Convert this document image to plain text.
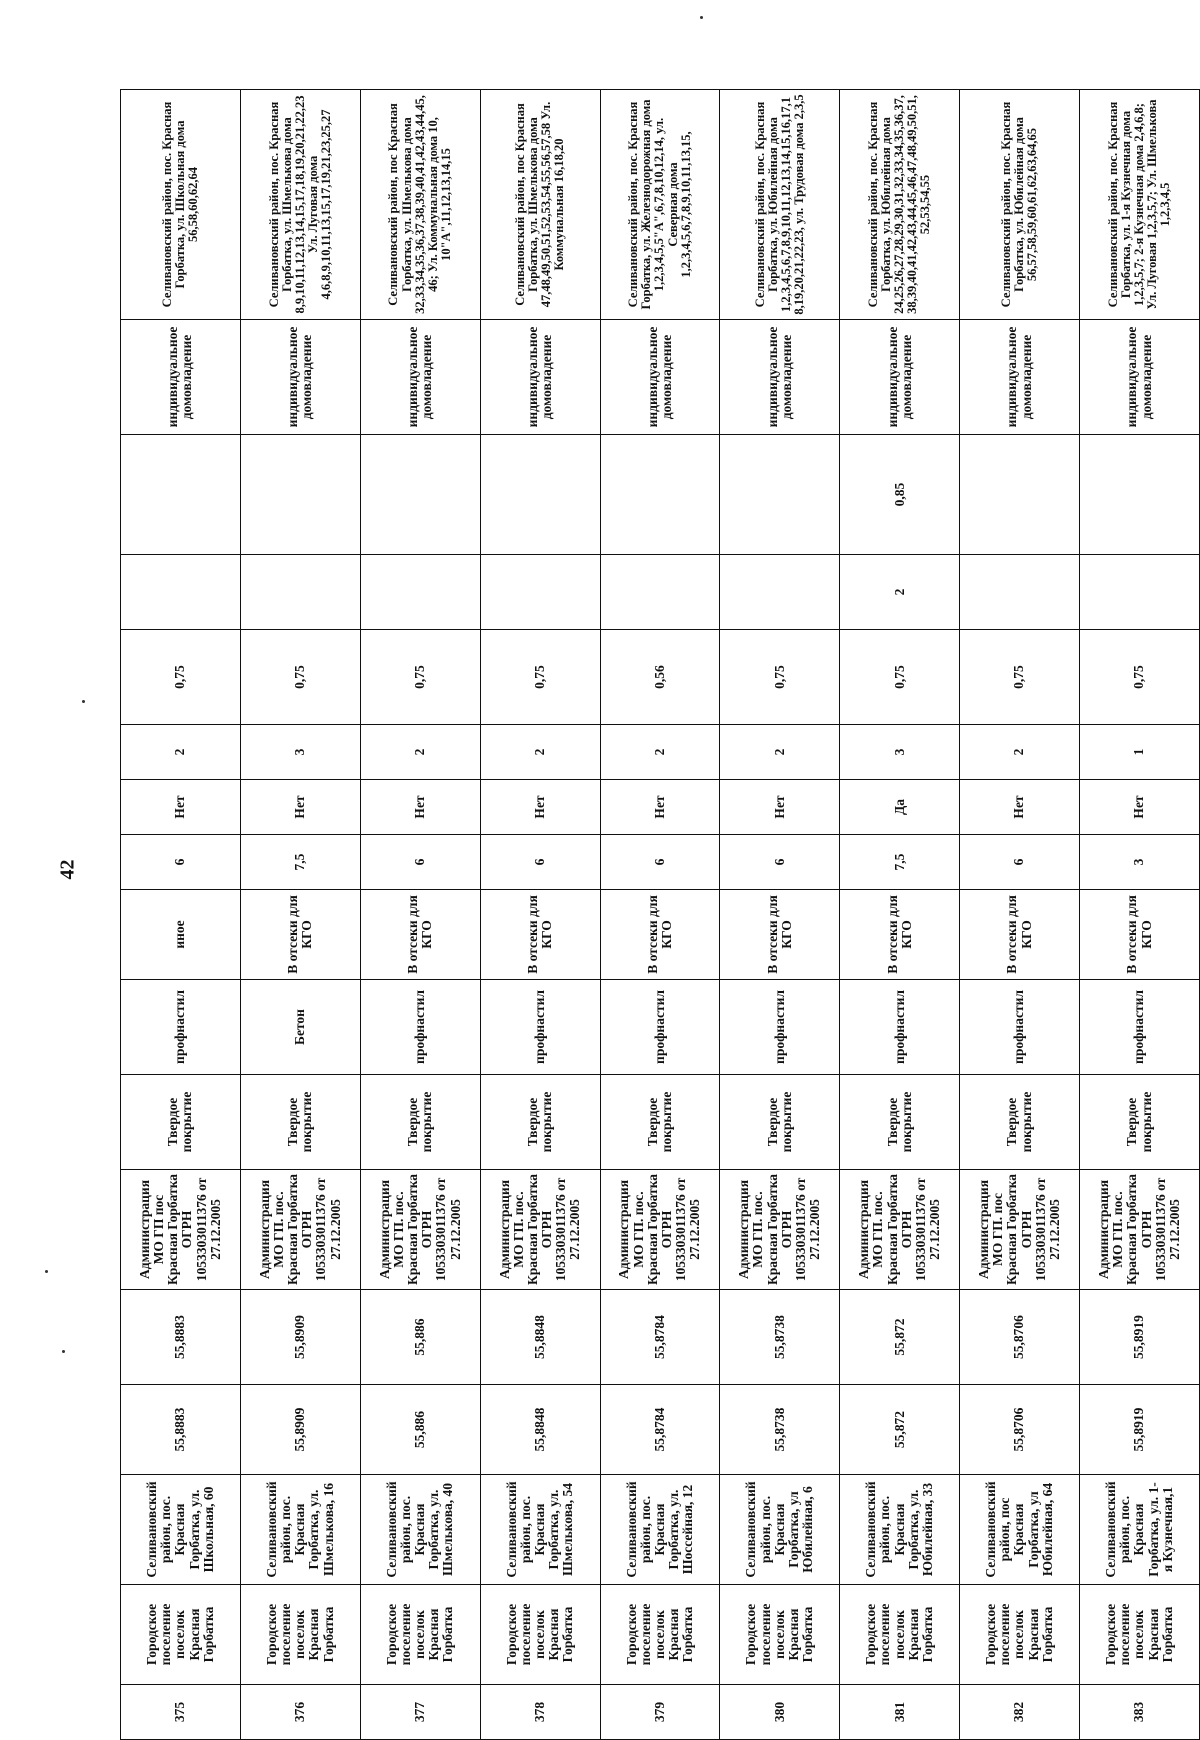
42
375	Городское поселение поселок Красная Горбатка	Селивановский район, пос. Красная Горбатка, ул. Школьная, 60	55,8883	55,8883	Администрация МО ГП пос Красная Горбатка ОГРН 1053303011376 от 27.12.2005	Твердое покрытие	профнастил	иное	6	Нет	2	0,75			индивидуальное домовладение	Селивановский район, пос. Красная Горбатка, ул. Школьная дома 56,58,60,62,64
376	Городское поселение поселок Красная Горбатка	Селивановский район, пос. Красная Горбатка, ул. Шмелькова, 16	55,8909	55,8909	Администрация МО ГП. пос. Красная Горбатка ОГРН 1053303011376 от 27.12.2005	Твердое покрытие	Бетон	В отсеки для КГО	7,5	Нет	3	0,75			индивидуальное домовладение	Селивановский район, пос. Красная Горбатка, ул. Шмелькова дома 8,9,10,11,12,13,14,15,17,18,19,20,21,22,23 Ул. Луговая дома 4,6,8,9,10,11,13,15,17,19,21,23,25,27
377	Городское поселение поселок Красная Горбатка	Селивановский район, пос. Красная Горбатка, ул. Шмелькова, 40	55,886	55,886	Администрация МО ГП. пос. Красная Горбатка ОГРН 1053303011376 от 27.12.2005	Твердое покрытие	профнастил	В отсеки для КГО	6	Нет	2	0,75			индивидуальное домовладение	Селивановский район, пос Красная Горбатка, ул. Шмелькова дома 32,33,34,35,36,37,38,39,40,41,42,43,44,45,46; Ул. Коммунальная дома 10, 10"А",11,12,13,14,15
378	Городское поселение поселок Красная Горбатка	Селивановский район, пос. Красная Горбатка, ул. Шмелькова, 54	55,8848	55,8848	Администрация МО ГП. пос. Красная Горбатка ОГРН 1053303011376 от 27.12.2005	Твердое покрытие	профнастил	В отсеки для КГО	6	Нет	2	0,75			индивидуальное домовладение	Селивановский район, пос Красная Горбатка, ул. Шмелькова дома 47,48,49,50,51,52,53,54,55,56,57,58 Ул. Коммунальная 16,18,20
379	Городское поселение поселок Красная Горбатка	Селивановский район, пос. Красная Горбатка, ул. Шоссейная, 12	55,8784	55,8784	Администрация МО ГП. пос. Красная Горбатка ОГРН 1053303011376 от 27.12.2005	Твердое покрытие	профнастил	В отсеки для КГО	6	Нет	2	0,56			индивидуальное домовладение	Селивановский район, пос. Красная Горбатка, ул. Железнодорожная дома 1,2,3,4,5,5"А",6,7,8,10,12,14, ул. Северная дома 1,2,3,4,5,6,7,8,9,10,11,13,15,
380	Городское поселение поселок Красная Горбатка	Селивановский район, пос. Красная Горбатка, ул Юбилейная, 6	55,8738	55,8738	Администрация МО ГП. пос. Красная Горбатка ОГРН 1053303011376 от 27.12.2005	Твердое покрытие	профнастил	В отсеки для КГО	6	Нет	2	0,75			индивидуальное домовладение	Селивановский район, пос. Красная Горбатка, ул. Юбилейная дома 1,2,3,4,5,6,7,8,9,10,11,12,13,14,15,16,17,18,19,20,21,22,23, ул. Трудовая дома 2,3,5
381	Городское поселение поселок Красная Горбатка	Селивановский район, пос. Красная Горбатка, ул. Юбилейная, 33	55,872	55,872	Администрация МО ГП. пос. Красная Горбатка ОГРН 1053303011376 от 27.12.2005	Твердое покрытие	профнастил	В отсеки для КГО	7,5	Да	3	0,75	2	0,85	индивидуальное домовладение	Селивановский район, пос. Красная Горбатка, ул. Юбилейная дома 24,25,26,27,28,29,30,31,32,33,34,35,36,37,38,39,40,41,42,43,44,45,46,47,48,49,50,51,52,53,54,55
382	Городское поселение поселок Красная Горбатка	Селивановский район, пос Красная Горбатка, ул Юбилейная, 64	55,8706	55,8706	Администрация МО ГП. пос Красная Горбатка ОГРН 1053303011376 от 27.12.2005	Твердое покрытие	профнастил	В отсеки для КГО	6	Нет	2	0,75			индивидуальное домовладение	Селивановский район, пос. Красная Горбатка, ул. Юбилейная дома 56,57,58,59,60,61,62,63,64,65
383	Городское поселение поселок Красная Горбатка	Селивановский район, пос. Красная Горбатка, ул. 1-я Кузнечная,1	55,8919	55,8919	Администрация МО ГП. пос. Красная Горбатка ОГРН 1053303011376 от 27.12.2005	Твердое покрытие	профнастил	В отсеки для КГО	3	Нет	1	0,75			индивидуальное домовладение	Селивановский район, пос. Красная Горбатка, ул. 1-я Кузнечная дома 1,2,3,5,7; 2-я Кузнечная дома 2,4,6,8; Ул. Луговая 1,2,3,5,7; Ул. Шмелькова 1,2,3,4,5
